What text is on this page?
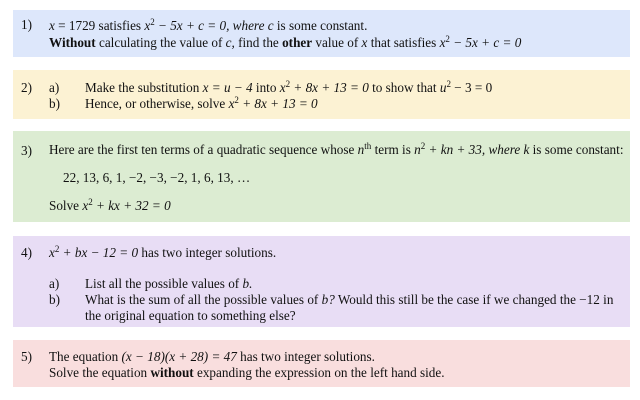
1) x = 1729 satisfies $x^2 - 5x + c = 0$, where c is some constant.
Without calculating the value of c, find the other value of x that satisfies $x^2 - 5x + c = 0$
2) a) Make the substitution x = u − 4 into $x^2 + 8x + 13 = 0$ to show that $u^2 - 3 = 0$
b) Hence, or otherwise, solve $x^2 + 8x + 13 = 0$
3) Here are the first ten terms of a quadratic sequence whose $n^{th}$ term is $n^2$ + kn + 33, where k is some constant:
22, 13, 6, 1, −2, −3, −2, 1, 6, 13, …
Solve $x^2$ + kx + 32 = 0
4) $x^2$ + bx − 12 = 0 has two integer solutions.
a) List all the possible values of b.
b) What is the sum of all the possible values of b? Would this still be the case if we changed the −12 in
the original equation to something else?
5) The equation (x − 18)(x + 28) = 47 has two integer solutions.
Solve the equation without expanding the expression on the left hand side.
